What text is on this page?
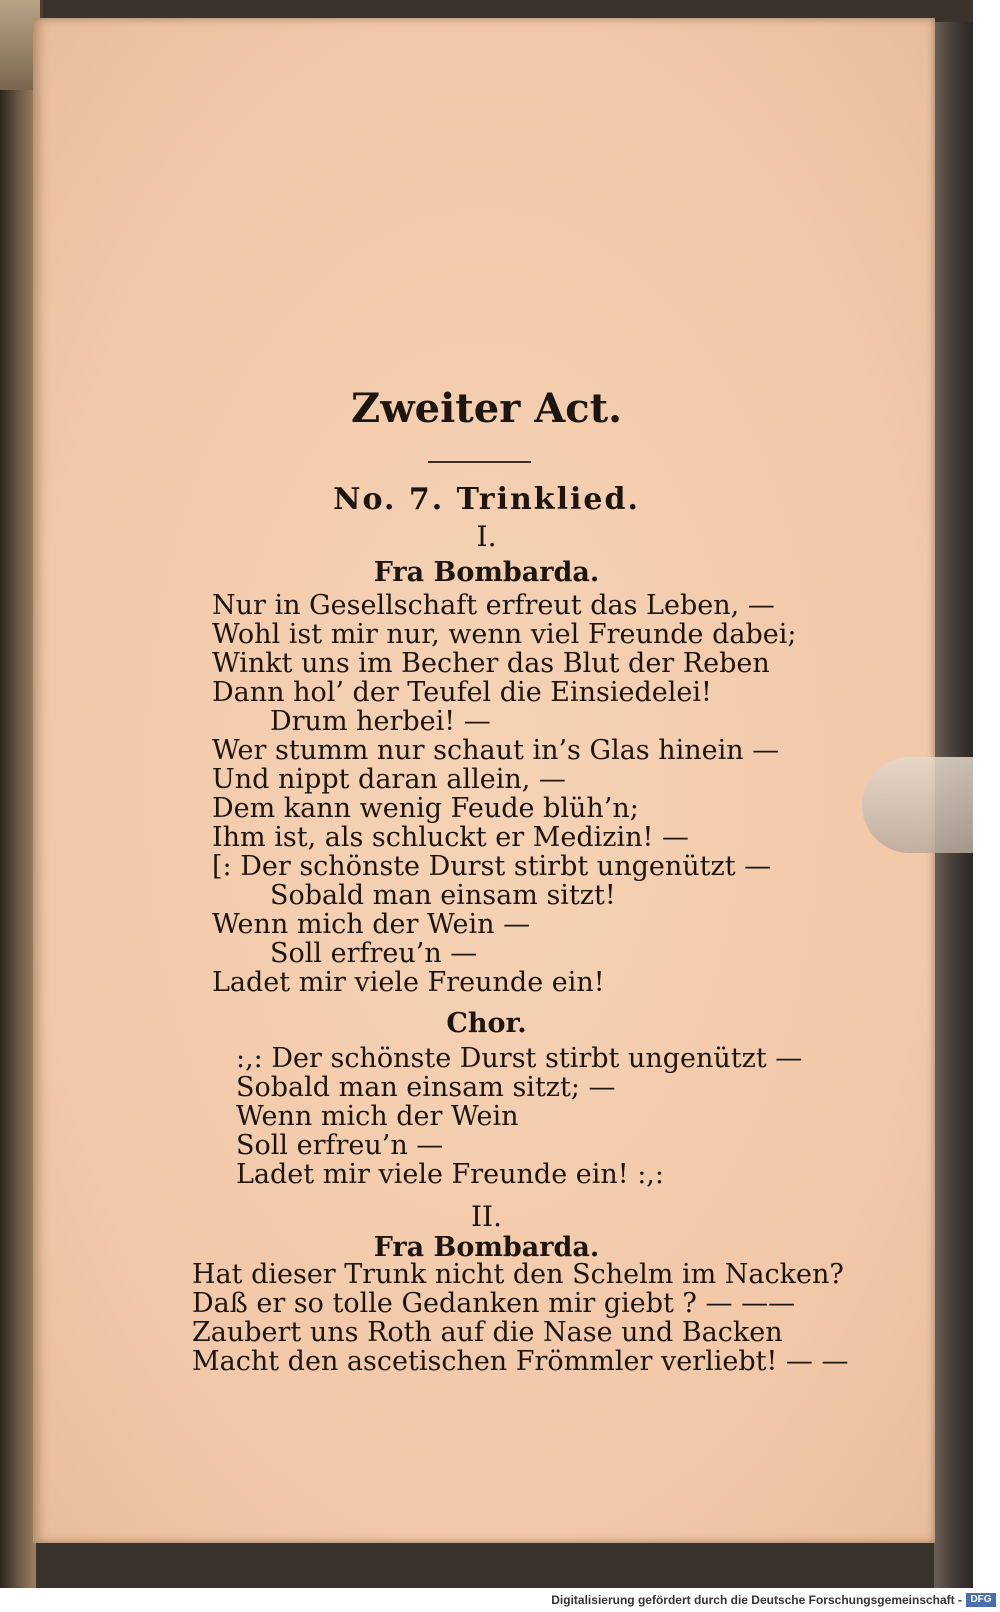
Zweiter Act.
No. 7. Trinklied.
I.
Fra Bombarda.
Nur in Gesellschaft erfreut das Leben, —
Wohl ist mir nur, wenn viel Freunde dabei;
Winkt uns im Becher das Blut der Reben
Dann hol’ der Teufel die Einsiedelei!
Drum herbei! —
Wer stumm nur schaut in’s Glas hinein —
Und nippt daran allein, —
Dem kann wenig Feude blüh’n;
Ihm ist, als schluckt er Medizin! —
[: Der schönste Durst stirbt ungenützt —
Sobald man einsam sitzt!
Wenn mich der Wein —
Soll erfreu’n —
Ladet mir viele Freunde ein!
Chor.
:,: Der schönste Durst stirbt ungenützt —
Sobald man einsam sitzt; —
Wenn mich der Wein
Soll erfreu’n —
Ladet mir viele Freunde ein! :,:
II.
Fra Bombarda.
Hat dieser Trunk nicht den Schelm im Nacken?
Daß er so tolle Gedanken mir giebt ? — ——
Zaubert uns Roth auf die Nase und Backen
Macht den ascetischen Frömmler verliebt! — —
Digitalisierung gefördert durch die Deutsche Forschungsgemeinschaft - DFG
